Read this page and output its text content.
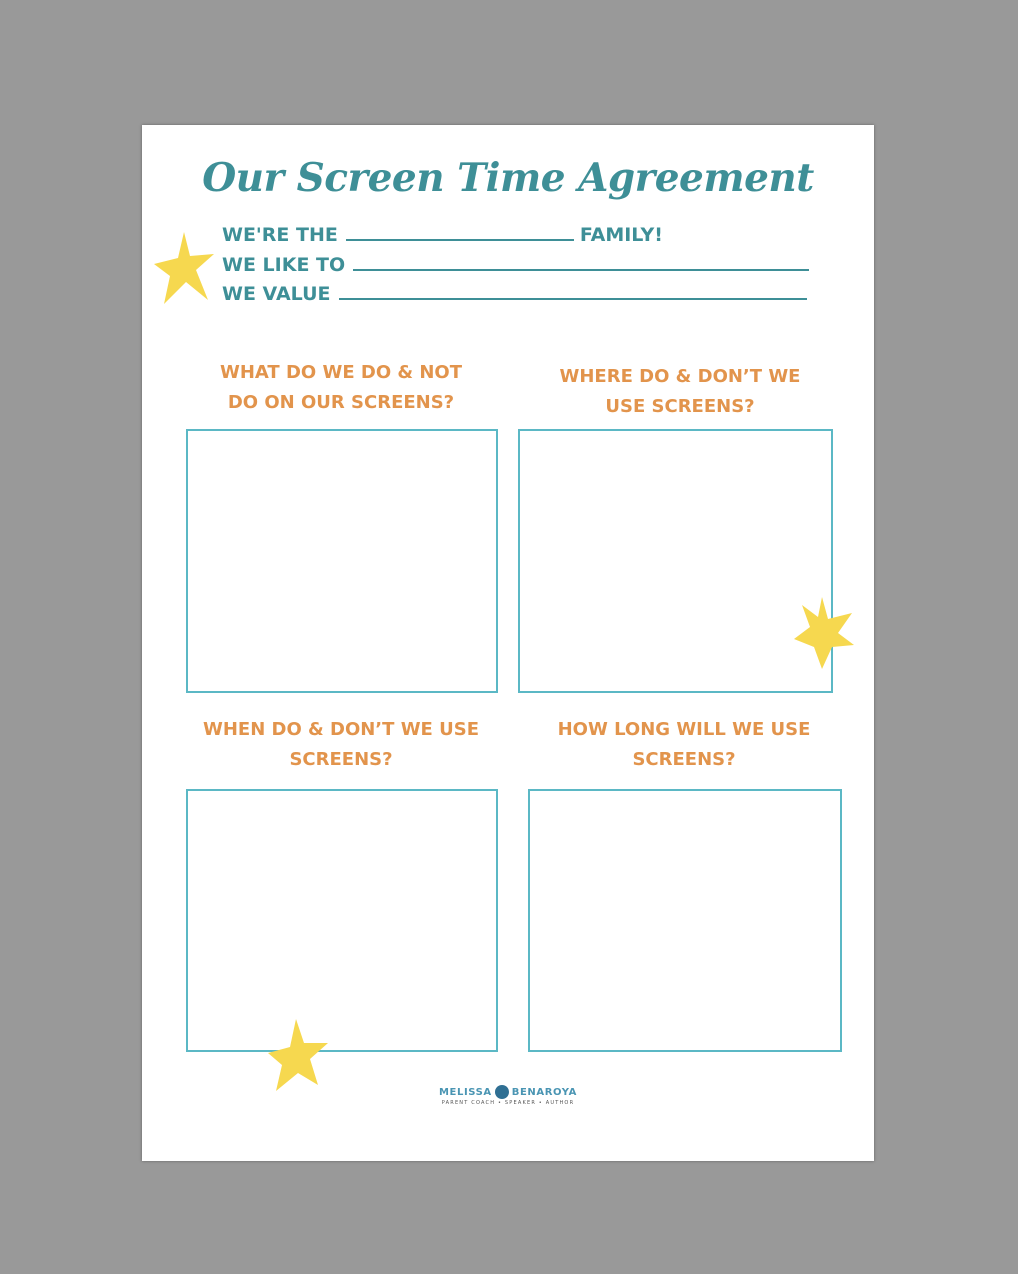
Our Screen Time Agreement
WE'RE THE	FAMILY!
WE LIKE TO
WE VALUE
WHAT DO WE DO & NOT
DO ON OUR SCREENS?
WHERE DO & DON’T WE
USE SCREENS?
WHEN DO & DON’T WE USE
SCREENS?
HOW LONG WILL WE USE
SCREENS?
MELISSA BENAROYA
PARENT COACH • SPEAKER • AUTHOR
